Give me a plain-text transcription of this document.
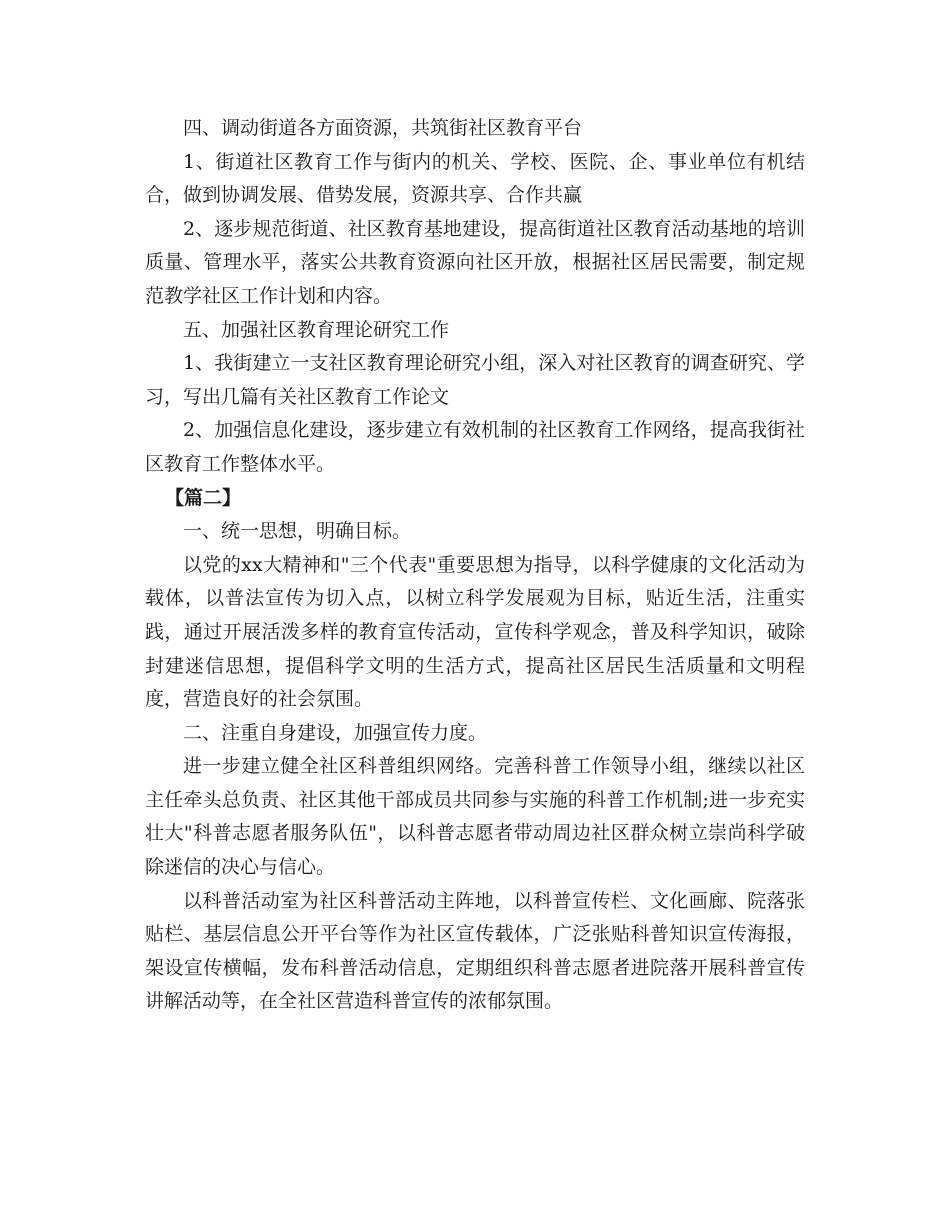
四、调动街道各方面资源，共筑街社区教育平台

1、街道社区教育工作与街内的机关、学校、医院、企、事业单位有机结合，做到协调发展、借势发展，资源共享、合作共赢

2、逐步规范街道、社区教育基地建设，提高街道社区教育活动基地的培训质量、管理水平，落实公共教育资源向社区开放，根据社区居民需要，制定规范教学社区工作计划和内容。

五、加强社区教育理论研究工作

1、我街建立一支社区教育理论研究小组，深入对社区教育的调查研究、学习，写出几篇有关社区教育工作论文

2、加强信息化建设，逐步建立有效机制的社区教育工作网络，提高我街社区教育工作整体水平。

【篇二】

一、统一思想，明确目标。

以党的xx大精神和"三个代表"重要思想为指导，以科学健康的文化活动为载体，以普法宣传为切入点，以树立科学发展观为目标，贴近生活，注重实践，通过开展活泼多样的教育宣传活动，宣传科学观念，普及科学知识，破除封建迷信思想，提倡科学文明的生活方式，提高社区居民生活质量和文明程度，营造良好的社会氛围。

二、注重自身建设，加强宣传力度。

进一步建立健全社区科普组织网络。完善科普工作领导小组，继续以社区主任牵头总负责、社区其他干部成员共同参与实施的科普工作机制;进一步充实壮大"科普志愿者服务队伍"，以科普志愿者带动周边社区群众树立崇尚科学破除迷信的决心与信心。

以科普活动室为社区科普活动主阵地，以科普宣传栏、文化画廊、院落张贴栏、基层信息公开平台等作为社区宣传载体，广泛张贴科普知识宣传海报，架设宣传横幅，发布科普活动信息，定期组织科普志愿者进院落开展科普宣传讲解活动等，在全社区营造科普宣传的浓郁氛围。
